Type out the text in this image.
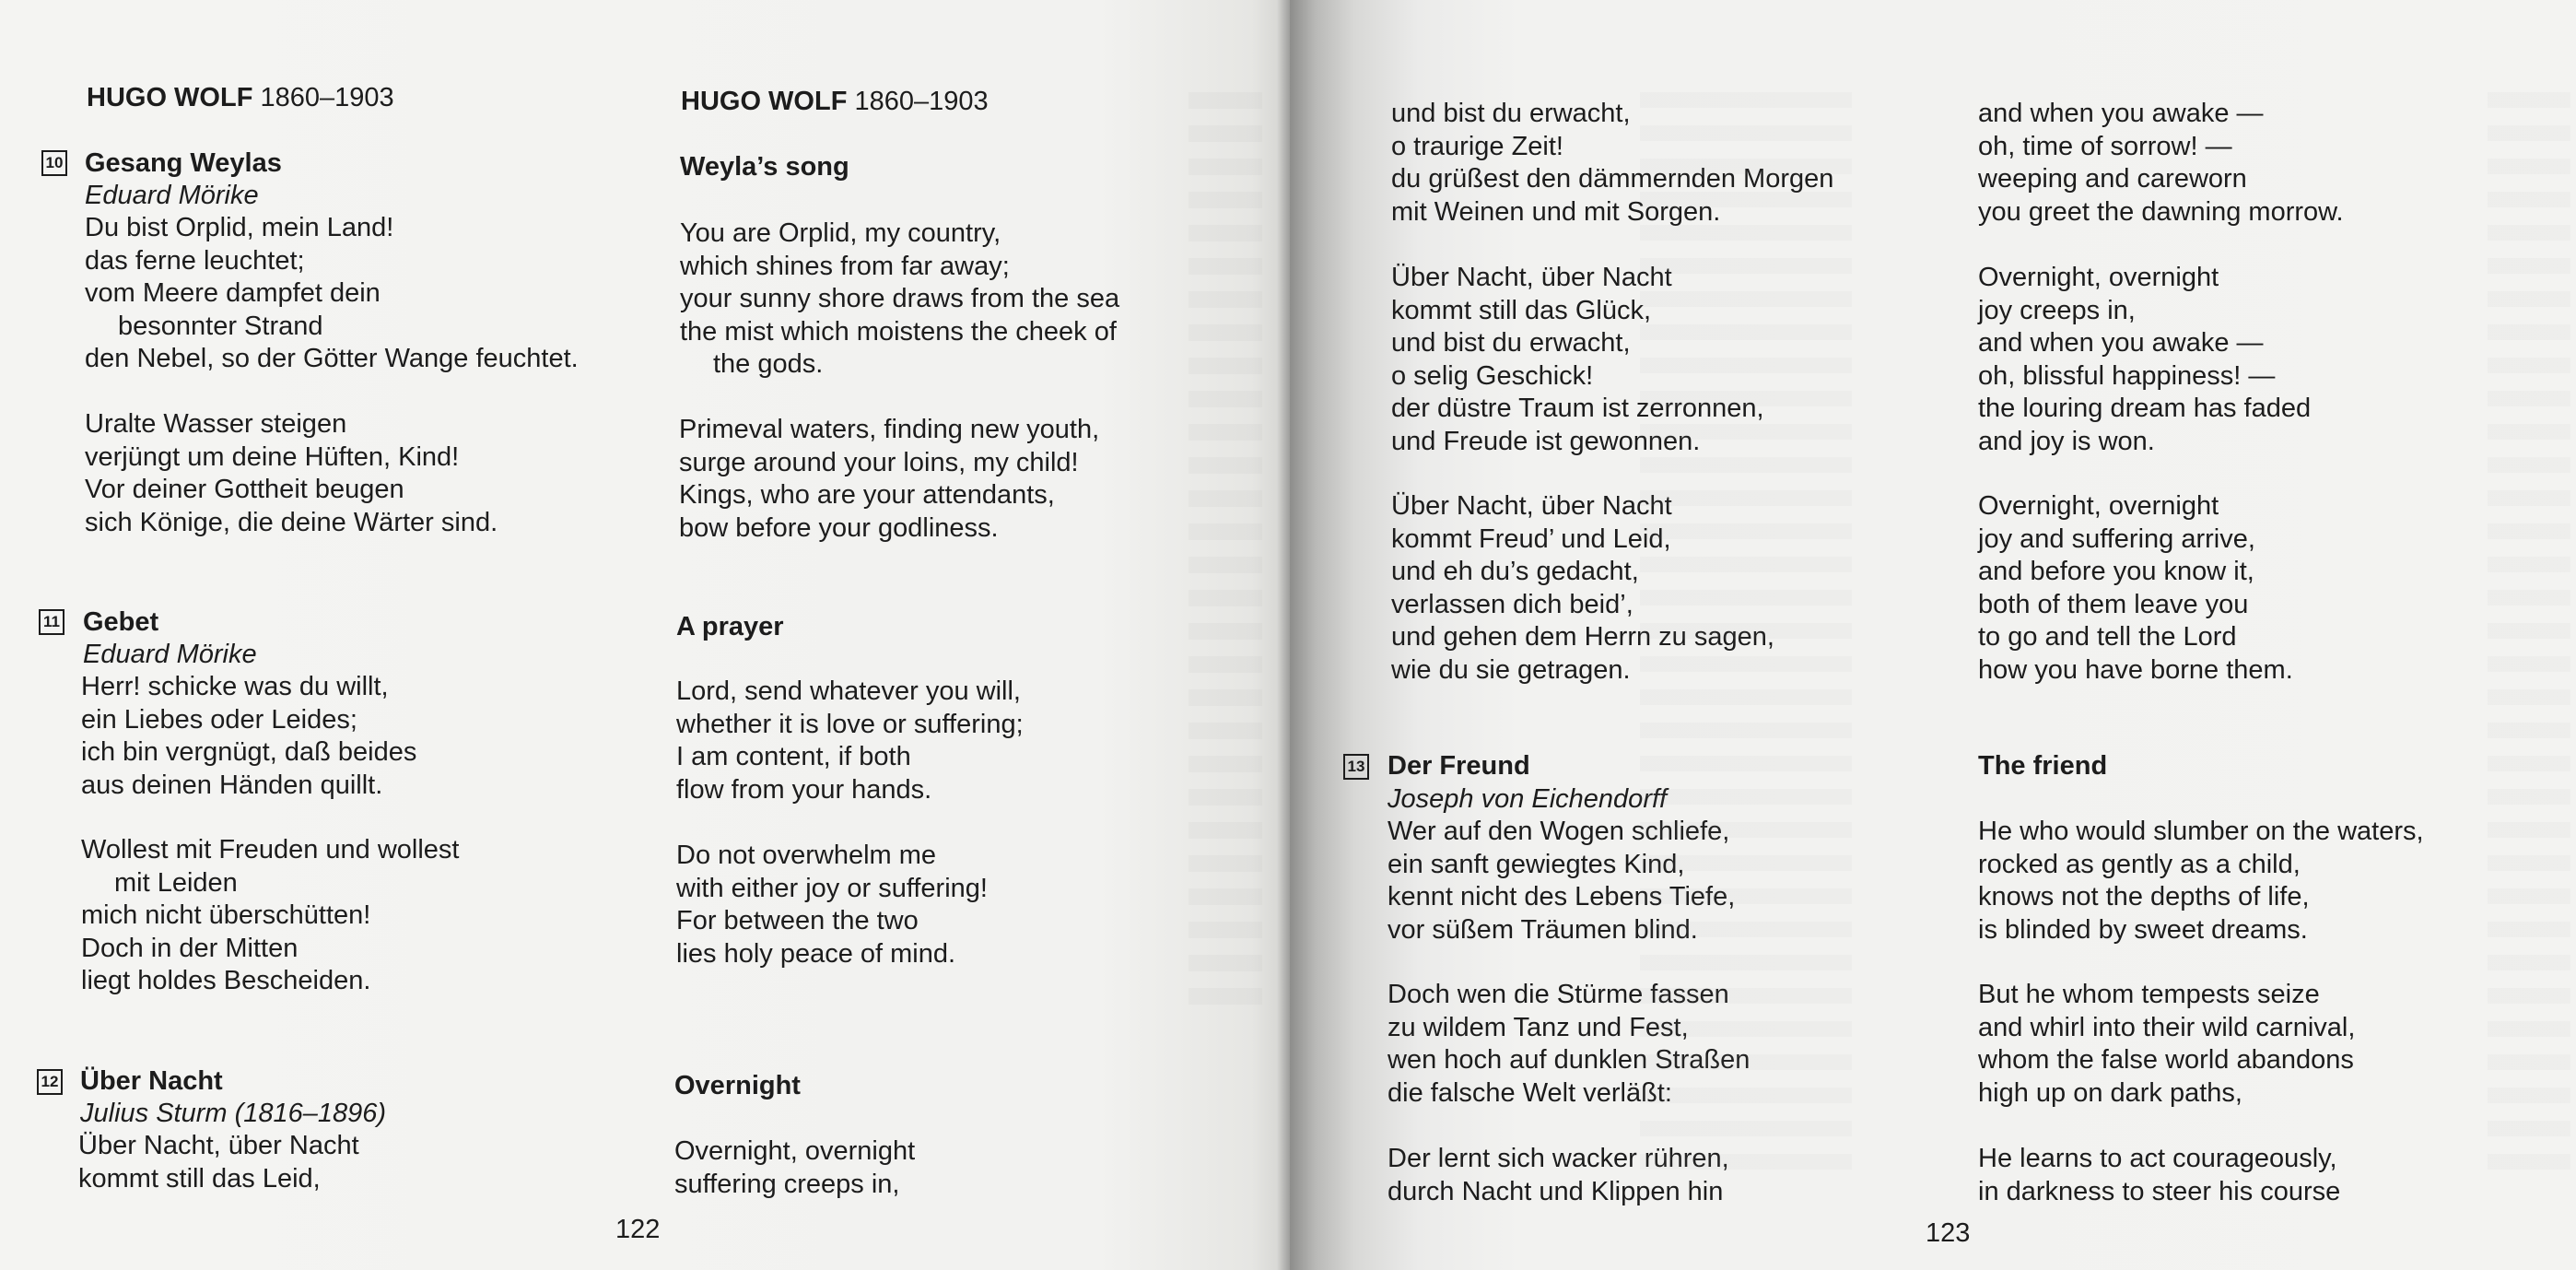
HUGO WOLF 1860–1903
10 Gesang Weylas
Eduard Mörike
Du bist Orplid, mein Land!
das ferne leuchtet;
vom Meere dampfet dein
besonnter Strand
den Nebel, so der Götter Wange feuchtet.
Uralte Wasser steigen
verjüngt um deine Hüften, Kind!
Vor deiner Gottheit beugen
sich Könige, die deine Wärter sind.
11 Gebet
Eduard Mörike
Herr! schicke was du willt,
ein Liebes oder Leides;
ich bin vergnügt, daß beides
aus deinen Händen quillt.
Wollest mit Freuden und wollest
mit Leiden
mich nicht überschütten!
Doch in der Mitten
liegt holdes Bescheiden.
12 Über Nacht
Julius Sturm (1816–1896)
Über Nacht, über Nacht
kommt still das Leid,
HUGO WOLF 1860–1903
Weyla’s song
You are Orplid, my country,
which shines from far away;
your sunny shore draws from the sea
the mist which moistens the cheek of
the gods.
Primeval waters, finding new youth,
surge around your loins, my child!
Kings, who are your attendants,
bow before your godliness.
A prayer
Lord, send whatever you will,
whether it is love or suffering;
I am content, if both
flow from your hands.
Do not overwhelm me
with either joy or suffering!
For between the two
lies holy peace of mind.
Overnight
Overnight, overnight
suffering creeps in,
122
und bist du erwacht,
o traurige Zeit!
du grüßest den dämmernden Morgen
mit Weinen und mit Sorgen.
Über Nacht, über Nacht
kommt still das Glück,
und bist du erwacht,
o selig Geschick!
der düstre Traum ist zerronnen,
und Freude ist gewonnen.
Über Nacht, über Nacht
kommt Freud’ und Leid,
und eh du’s gedacht,
verlassen dich beid’,
und gehen dem Herrn zu sagen,
wie du sie getragen.
13 Der Freund
Joseph von Eichendorff
Wer auf den Wogen schliefe,
ein sanft gewiegtes Kind,
kennt nicht des Lebens Tiefe,
vor süßem Träumen blind.
Doch wen die Stürme fassen
zu wildem Tanz und Fest,
wen hoch auf dunklen Straßen
die falsche Welt verläßt:
Der lernt sich wacker rühren,
durch Nacht und Klippen hin
and when you awake —
oh, time of sorrow! —
weeping and careworn
you greet the dawning morrow.
Overnight, overnight
joy creeps in,
and when you awake —
oh, blissful happiness! —
the louring dream has faded
and joy is won.
Overnight, overnight
joy and suffering arrive,
and before you know it,
both of them leave you
to go and tell the Lord
how you have borne them.
The friend
He who would slumber on the waters,
rocked as gently as a child,
knows not the depths of life,
is blinded by sweet dreams.
But he whom tempests seize
and whirl into their wild carnival,
whom the false world abandons
high up on dark paths,
He learns to act courageously,
in darkness to steer his course
123
